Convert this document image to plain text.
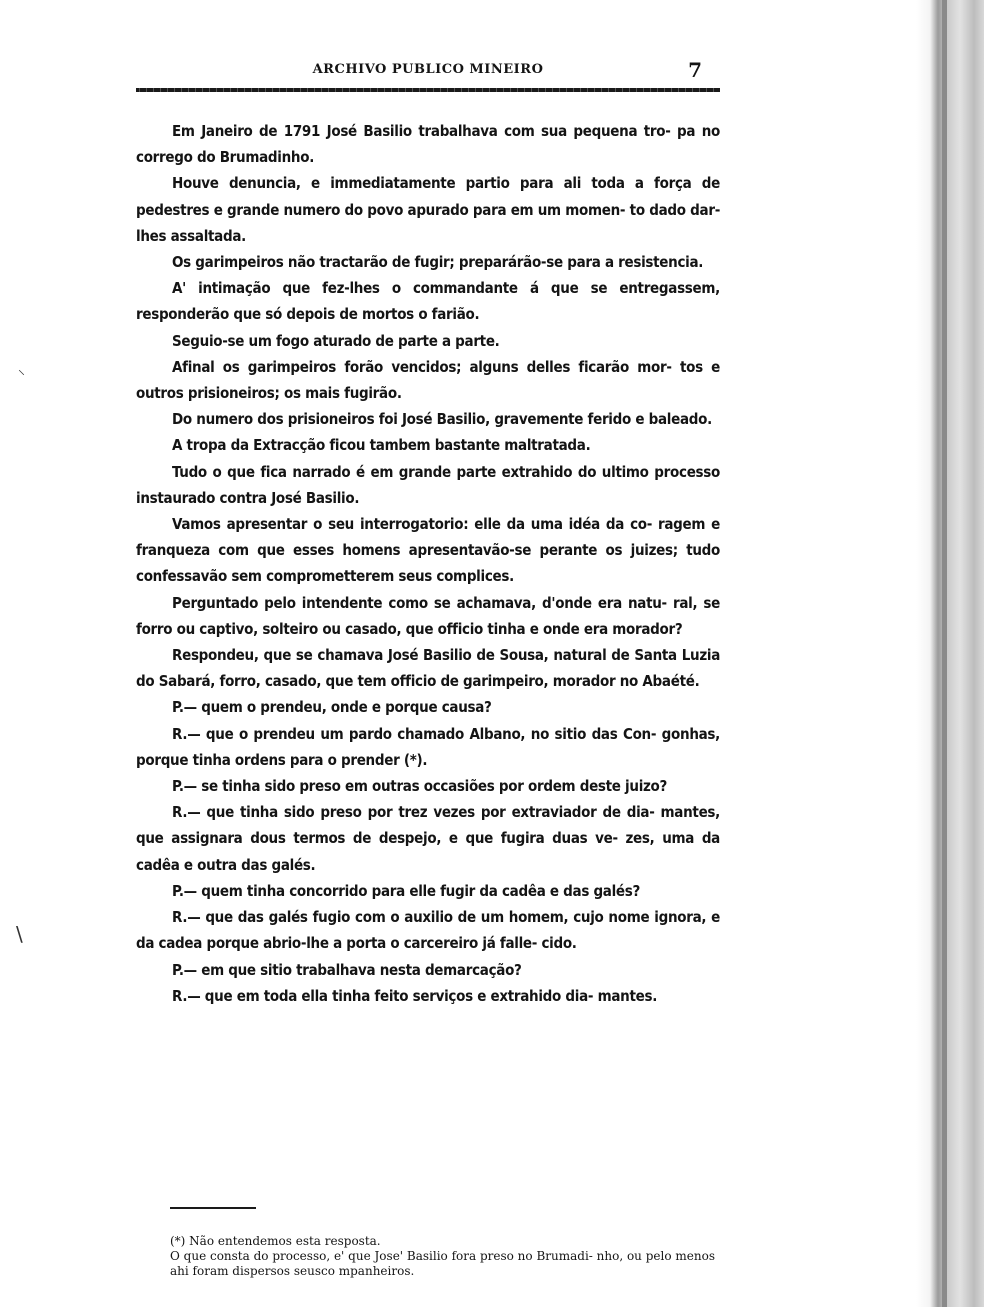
⸜
\
ARCHIVO PUBLICO MINEIRO	7

Em Janeiro de 1791 José Basilio trabalhava com sua pequena tro- pa no corrego do Brumadinho.

Houve denuncia, e immediatamente partio para ali toda a força de pedestres e grande numero do povo apurado para em um momen- to dado dar-lhes assaltada.

Os garimpeiros não tractarão de fugir; preparárão-se para a resistencia.

A' intimação que fez-lhes o commandante á que se entregassem, responderão que só depois de mortos o farião.

Seguio-se um fogo aturado de parte a parte.

Afinal os garimpeiros forão vencidos; alguns delles ficarão mor- tos e outros prisioneiros; os mais fugirão.

Do numero dos prisioneiros foi José Basilio, gravemente ferido e baleado.

A tropa da Extracção ficou tambem bastante maltratada.

Tudo o que fica narrado é em grande parte extrahido do ultimo processo instaurado contra José Basilio.

Vamos apresentar o seu interrogatorio: elle da uma idéa da co- ragem e franqueza com que esses homens apresentavão-se perante os juizes; tudo confessavão sem comprometterem seus complices.

Perguntado pelo intendente como se achamava, d'onde era natu- ral, se forro ou captivo, solteiro ou casado, que officio tinha e onde era morador?

Respondeu, que se chamava José Basilio de Sousa, natural de Santa Luzia do Sabará, forro, casado, que tem officio de garimpeiro, morador no Abaété.

P.— quem o prendeu, onde e porque causa?

R.— que o prendeu um pardo chamado Albano, no sitio das Con- gonhas, porque tinha ordens para o prender (*).

P.— se tinha sido preso em outras occasiões por ordem deste juizo?

R.— que tinha sido preso por trez vezes por extraviador de dia- mantes, que assignara dous termos de despejo, e que fugira duas ve- zes, uma da cadêa e outra das galés.

P.— quem tinha concorrido para elle fugir da cadêa e das galés?

R.— que das galés fugio com o auxilio de um homem, cujo nome ignora, e da cadea porque abrio-lhe a porta o carcereiro já falle- cido.

P.— em que sitio trabalhava nesta demarcação?

R.— que em toda ella tinha feito serviços e extrahido dia- mantes.

(*) Não entendemos esta resposta.

O que consta do processo, e' que Jose' Basilio fora preso no Brumadi- nho, ou pelo menos ahi foram dispersos seusco mpanheiros.
